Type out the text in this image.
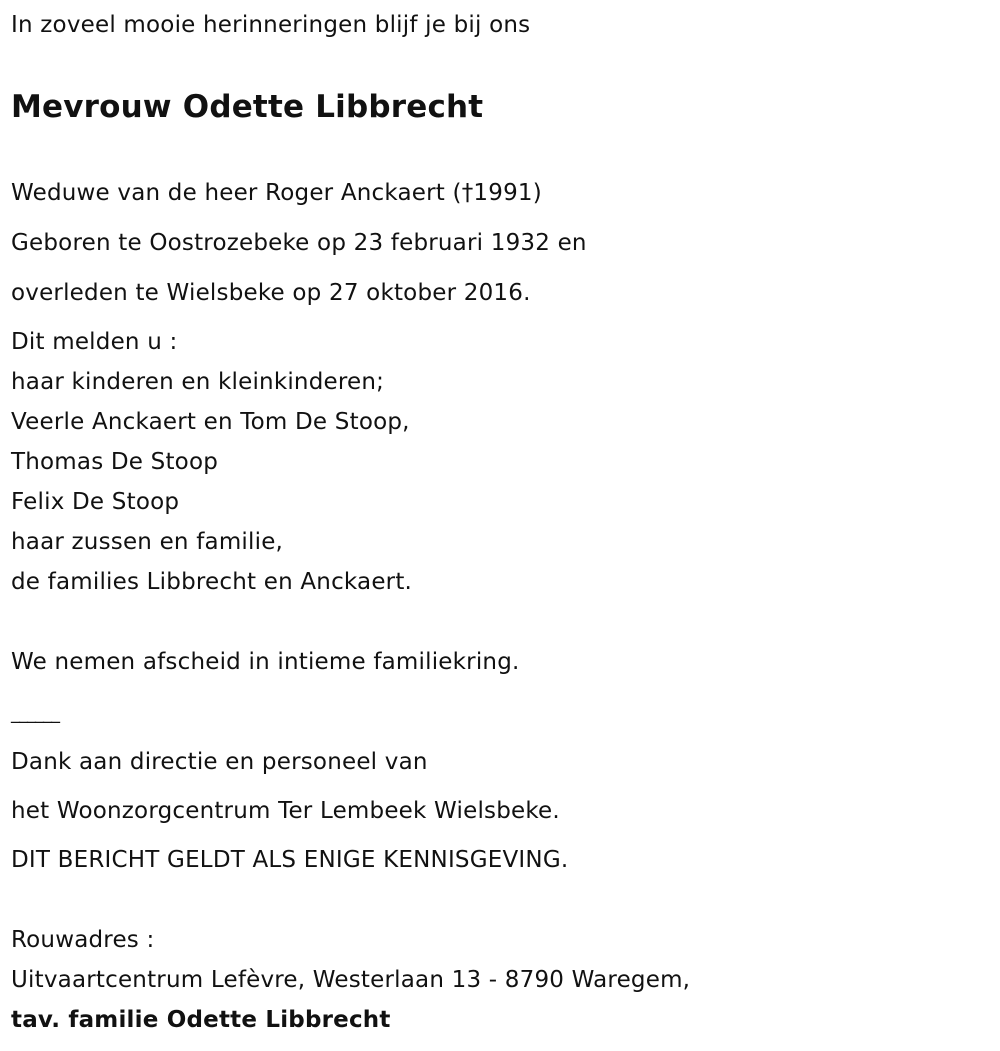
In zoveel mooie herinneringen blijf je bij ons
Mevrouw Odette Libbrecht
Weduwe van de heer Roger Anckaert (†1991)
Geboren te Oostrozebeke op 23 februari 1932 en
overleden te Wielsbeke op 27 oktober 2016.
Dit melden u :
haar kinderen en kleinkinderen;
Veerle Anckaert en Tom De Stoop,
Thomas De Stoop
Felix De Stoop
haar zussen en familie,
de families Libbrecht en Anckaert.
We nemen afscheid in intieme familiekring.
______
Dank aan directie en personeel van
het Woonzorgcentrum Ter Lembeek Wielsbeke.
DIT BERICHT GELDT ALS ENIGE KENNISGEVING.
Rouwadres :
Uitvaartcentrum Lefèvre, Westerlaan 13 - 8790 Waregem,
tav. familie Odette Libbrecht
